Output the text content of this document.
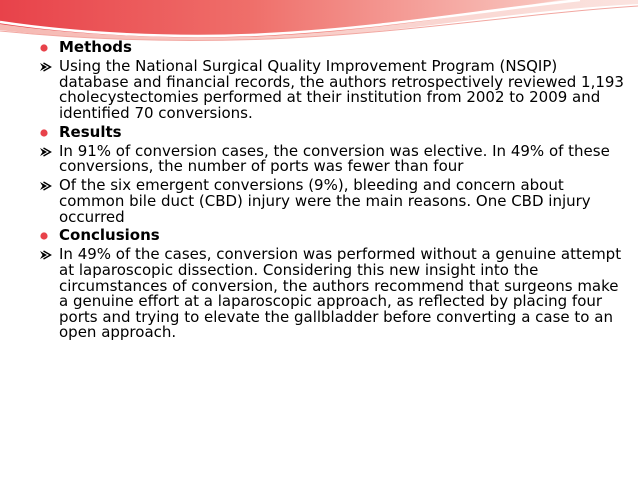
Methods
Using the National Surgical Quality Improvement Program (NSQIP) database and financial records, the authors retrospectively reviewed 1,193 cholecystectomies performed at their institution from 2002 to 2009 and identified 70 conversions.
Results
In 91% of conversion cases, the conversion was elective. In 49% of these conversions, the number of ports was fewer than four
Of the six emergent conversions (9%), bleeding and concern about common bile duct (CBD) injury were the main reasons. One CBD injury occurred
Conclusions
In 49% of the cases, conversion was performed without a genuine attempt at laparoscopic dissection. Considering this new insight into the circumstances of conversion, the authors recommend that surgeons make a genuine effort at a laparoscopic approach, as reflected by placing four ports and trying to elevate the gallbladder before converting a case to an open approach.
